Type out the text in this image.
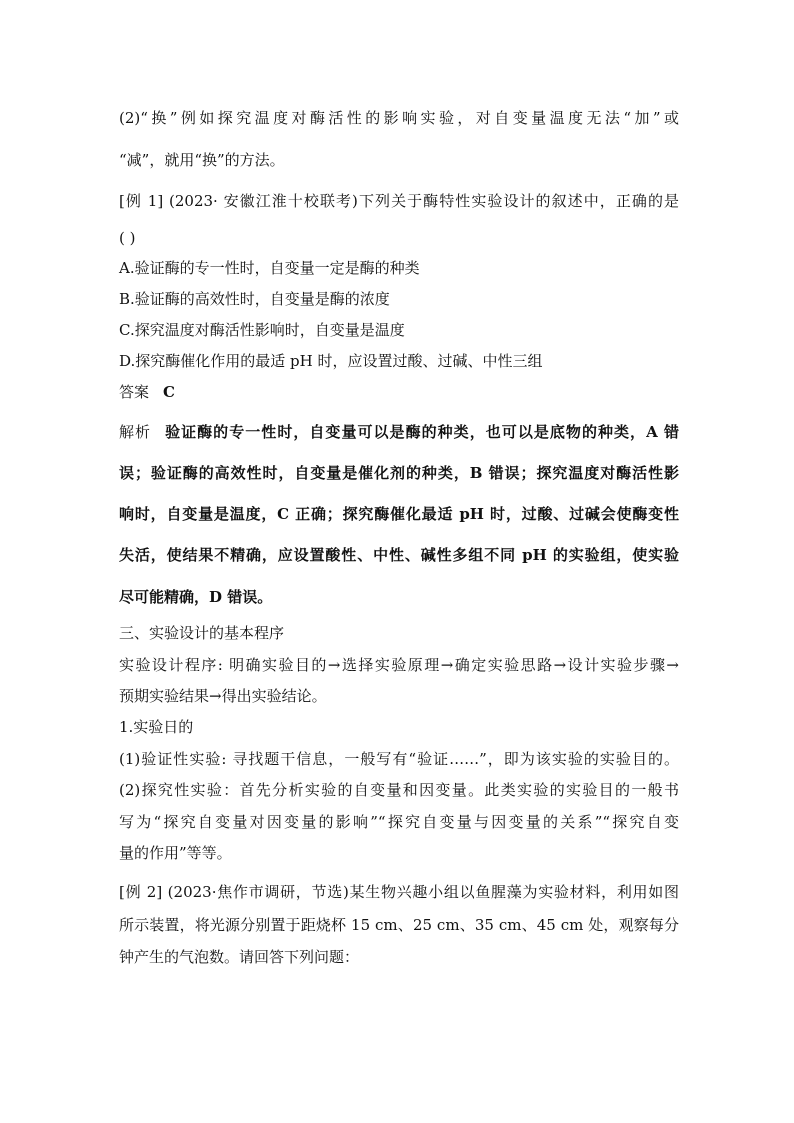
(2)“换”例如探究温度对酶活性的影响实验，对自变量温度无法“加”或
“减”，就用“换”的方法。
[例 1] (2023· 安徽江淮十校联考)下列关于酶特性实验设计的叙述中，正确的是
( )
A.验证酶的专一性时，自变量一定是酶的种类
B.验证酶的高效性时，自变量是酶的浓度
C.探究温度对酶活性影响时，自变量是温度
D.探究酶催化作用的最适 pH 时，应设置过酸、过碱、中性三组
答案 C
解析 验证酶的专一性时，自变量可以是酶的种类，也可以是底物的种类，A 错
误；验证酶的高效性时，自变量是催化剂的种类，B 错误；探究温度对酶活性影
响时，自变量是温度，C 正确；探究酶催化最适 pH 时，过酸、过碱会使酶变性
失活，使结果不精确，应设置酸性、中性、碱性多组不同 pH 的实验组，使实验
尽可能精确，D 错误。
三、实验设计的基本程序
实验设计程序: 明确实验目的→选择实验原理→确定实验思路→设计实验步骤→
预期实验结果→得出实验结论。
1.实验日的
(1)验证性实验: 寻找题干信息，一般写有“验证……”，即为该实验的实验目的。
(2)探究性实验：首先分析实验的自变量和因变量。此类实验的实验目的一般书
写为“探究自变量对因变量的影响”“探究自变量与因变量的关系”“探究自变
量的作用”等等。
[例 2] (2023·焦作市调研，节选)某生物兴趣小组以鱼腥藻为实验材料，利用如图
所示装置，将光源分别置于距烧杯 15 cm、25 cm、35 cm、45 cm 处，观察每分
钟产生的气泡数。请回答下列问题：
